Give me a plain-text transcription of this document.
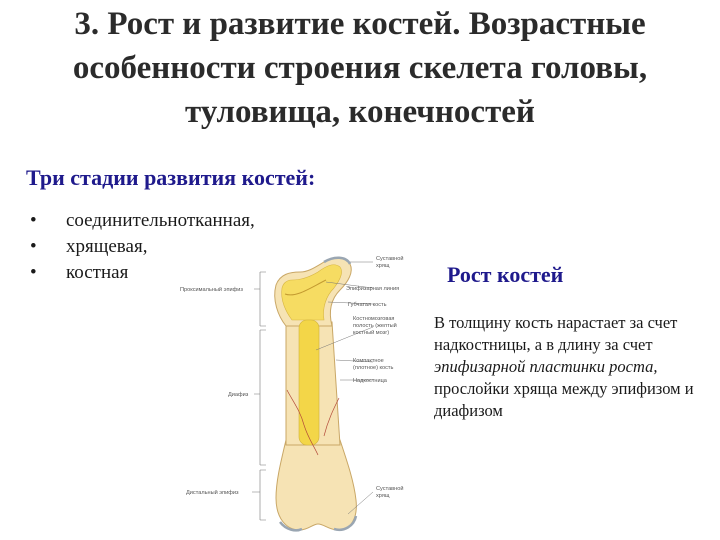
3. Рост и развитие костей. Возрастные
особенности строения скелета головы,
туловища, конечностей
Три стадии развития костей:
• соединительнотканная,
• хрящевая,
• костная	Рост костей

В толщину кость нарастает за счет надкостницы, а в длину за счет эпифизарной пластинки роста, прослойки хряща между эпифизом и диафизом

Проксимальный эпифиз
Диафиз
Дистальный эпифиз
Суставной
хрящ
Эпифизарная линия
Губчатая кость
Костномозговая
полость (желтый
костный мозг)
Компактное
(плотное) кость
Надкостница
Суставной
хрящ
